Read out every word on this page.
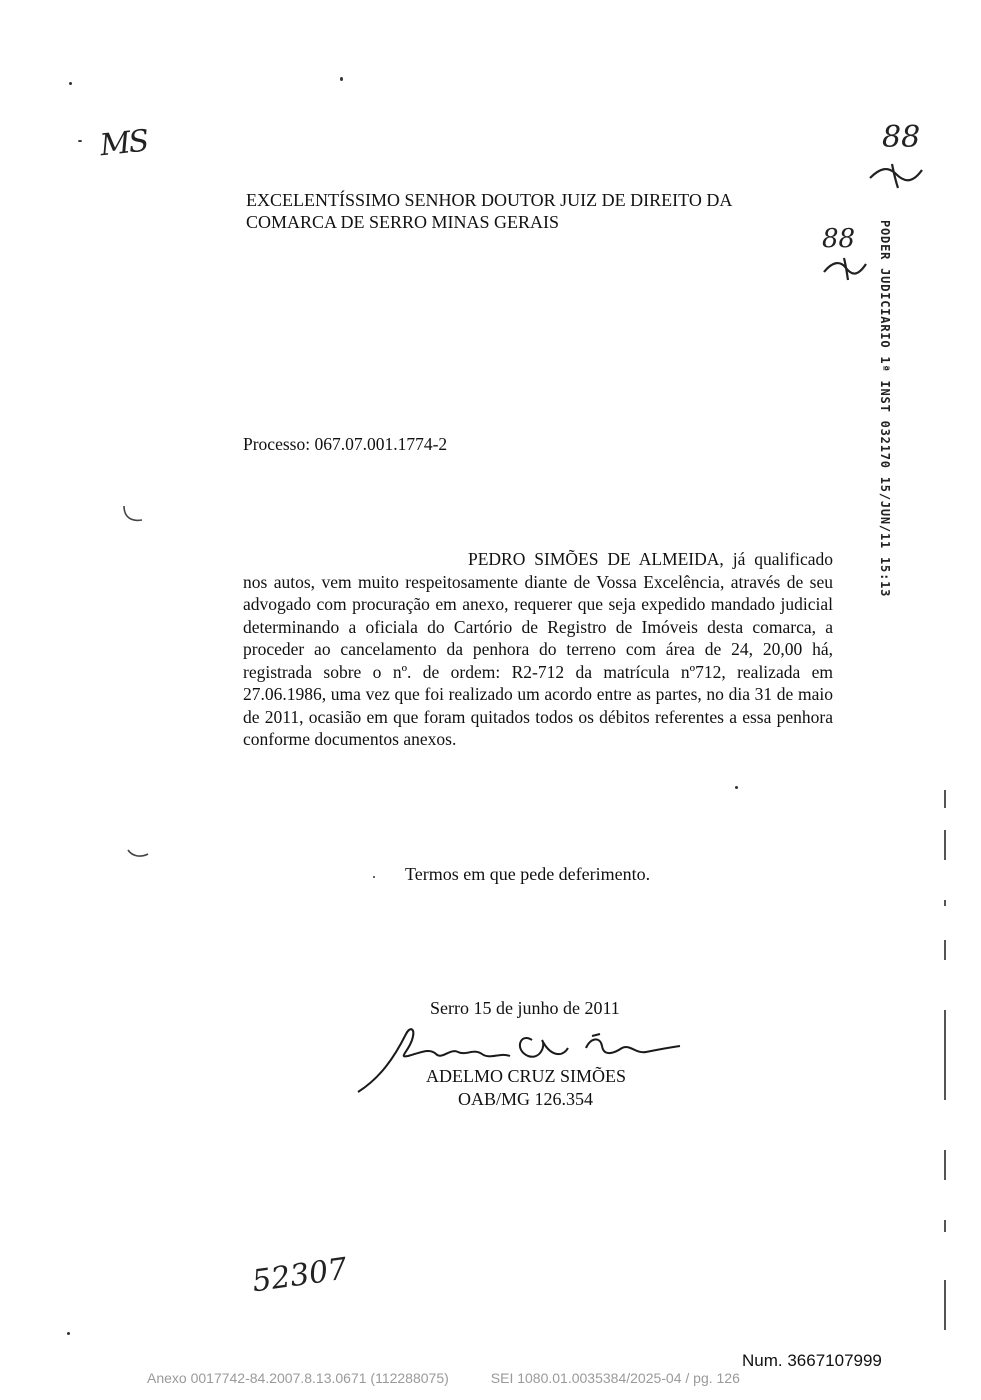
MS	88
88 PODER JUDICIARIO 1ª INST 032170 15/JUN/11 15:13
EXCELENTÍSSIMO SENHOR DOUTOR JUIZ DE DIREITO DA
COMARCA DE SERRO MINAS GERAIS
Processo: 067.07.001.1774-2
PEDRO SIMÕES DE ALMEIDA, já qualificado nos autos, vem muito respeitosamente diante de Vossa Excelência, através de seu advogado com procuração em anexo, requerer que seja expedido mandado judicial determinando a oficiala do Cartório de Registro de Imóveis desta comarca, a proceder ao cancelamento da penhora do terreno com área de 24, 20,00 há, registrada sobre o nº. de ordem: R2-712 da matrícula nº712, realizada em 27.06.1986, uma vez que foi realizado um acordo entre as partes, no dia 31 de maio de 2011, ocasião em que foram quitados todos os débitos referentes a essa penhora conforme documentos anexos.
Termos em que pede deferimento.
Serro 15 de junho de 2011
ADELMO CRUZ SIMÕES
OAB/MG 126.354
52307
Num. 3667107999
Anexo 0017742-84.2007.8.13.0671 (112288075)	SEI 1080.01.0035384/2025-04 / pg. 126
